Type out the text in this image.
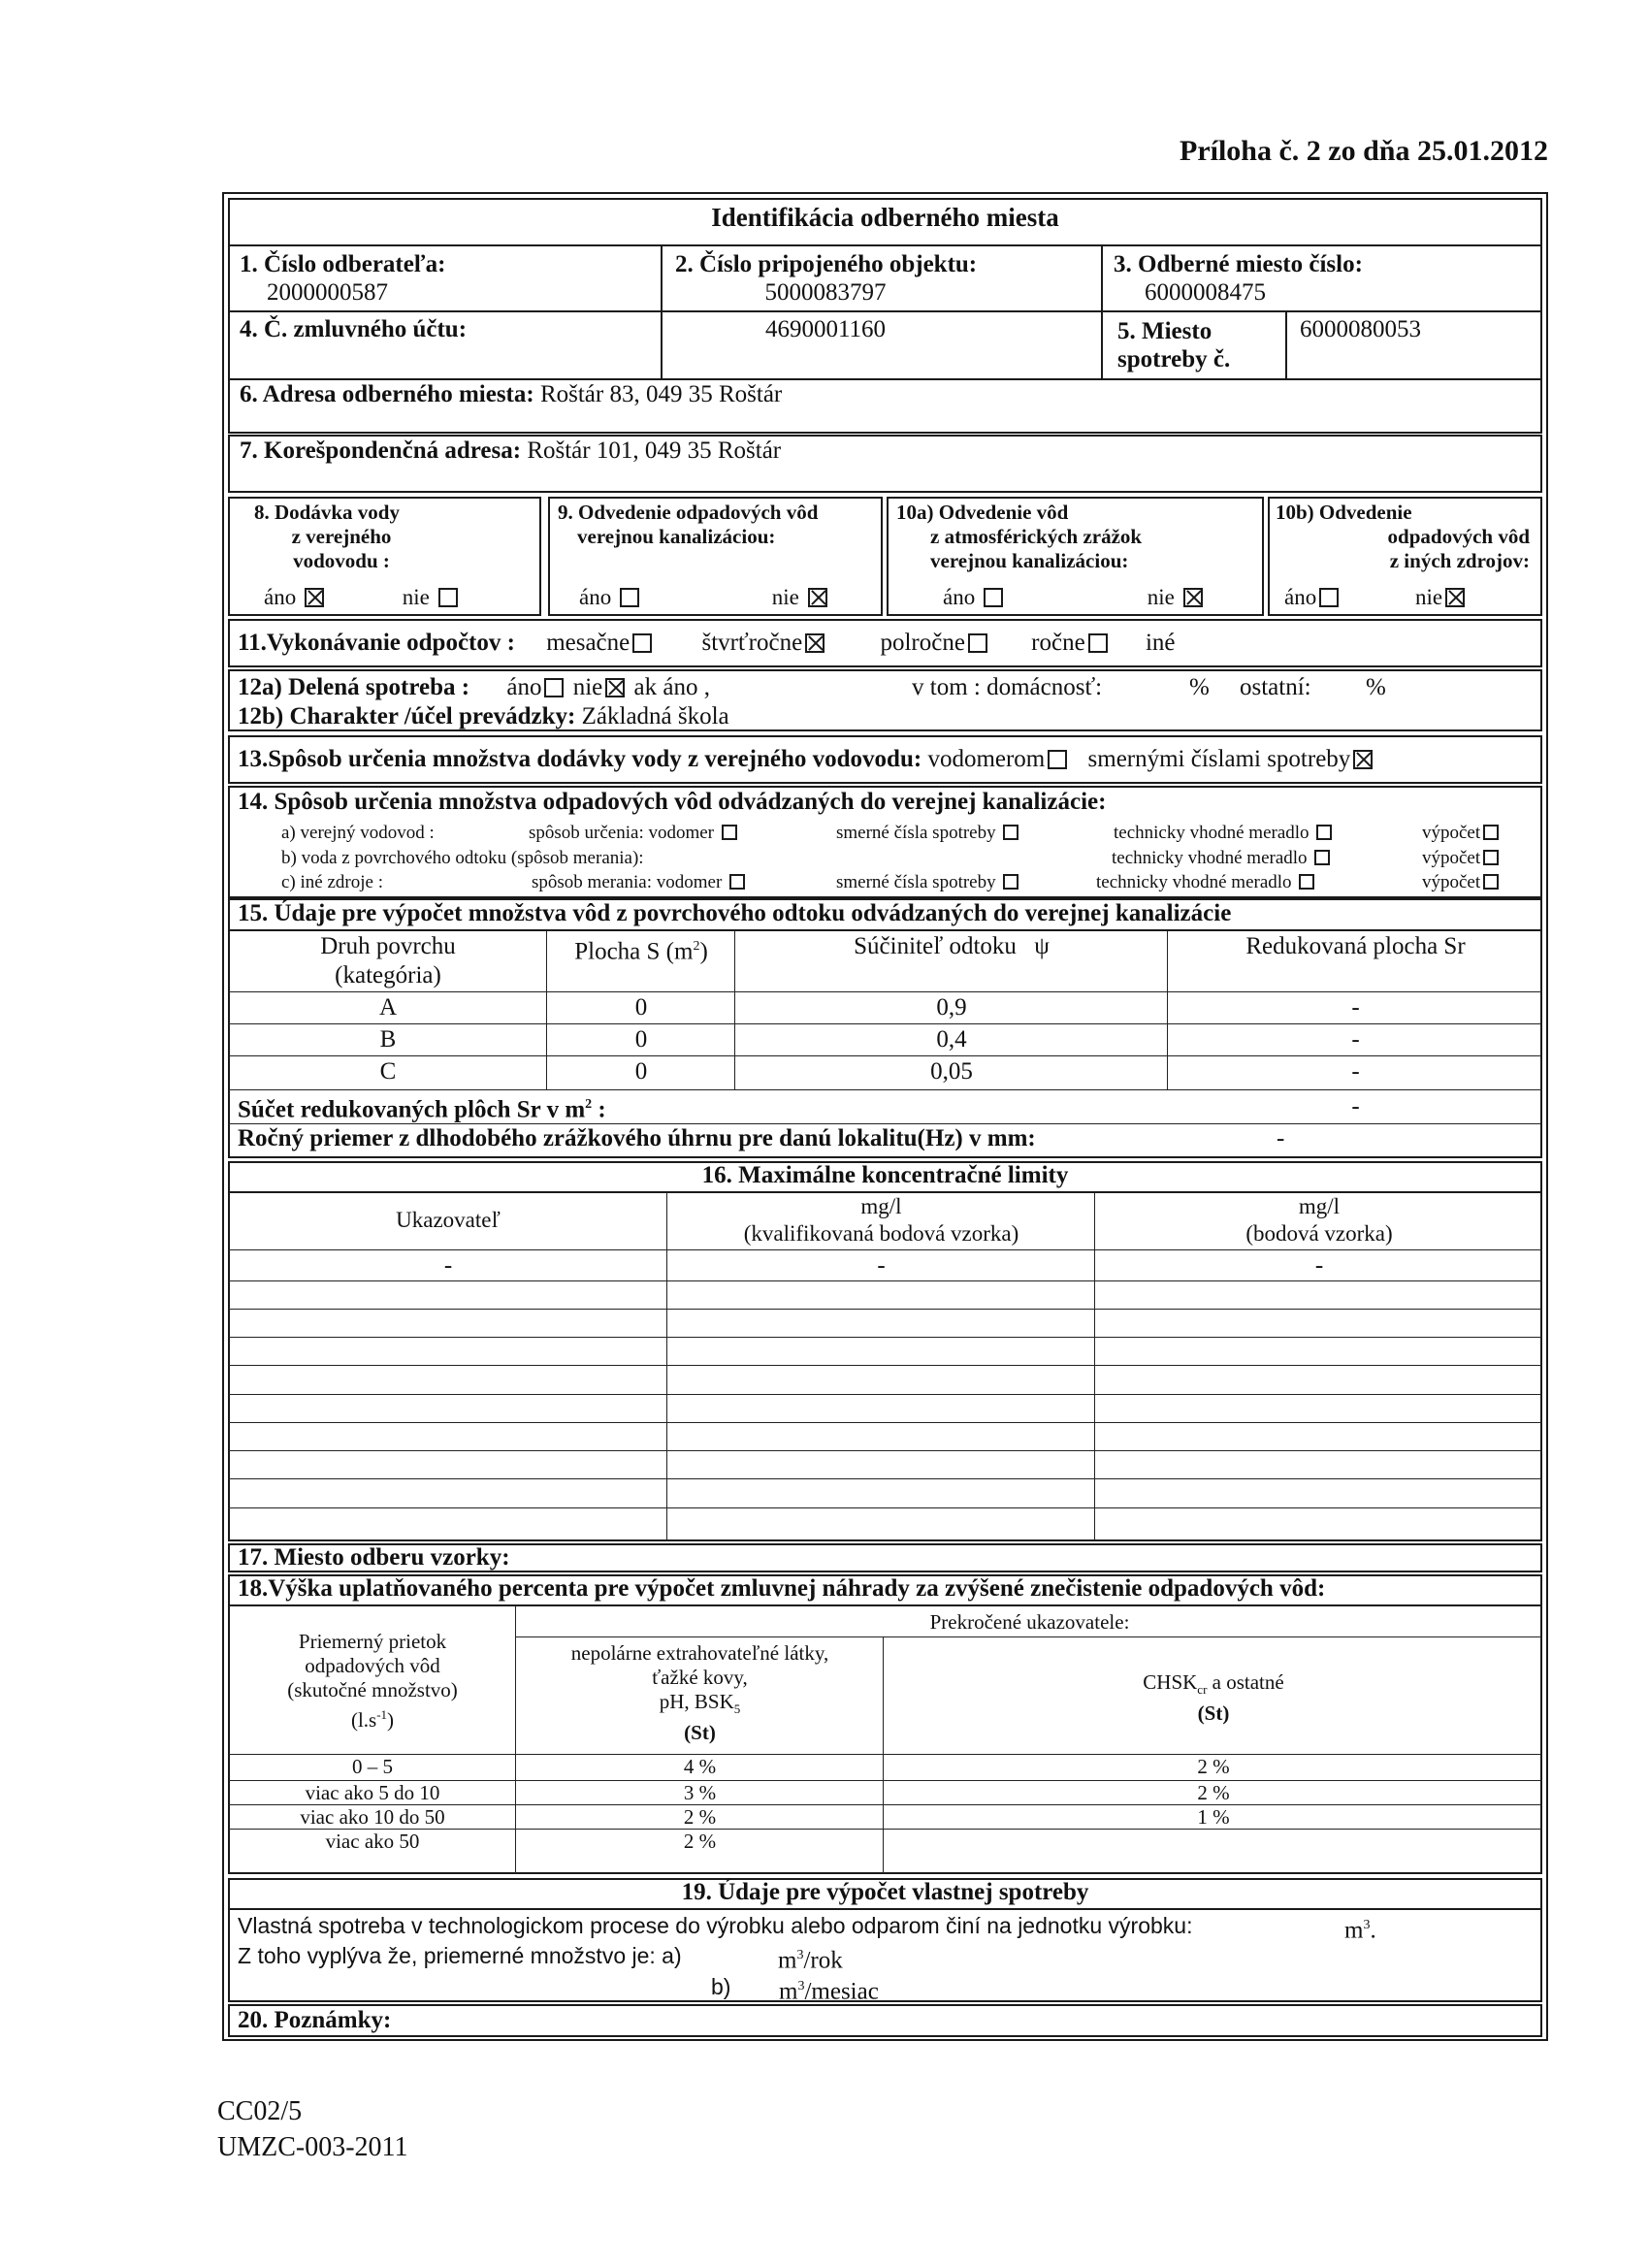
Príloha č. 2 zo dňa 25.01.2012
Identifikácia odberného miesta
1. Číslo odberateľa:
2000000587
2. Číslo pripojeného objektu:
5000083797
3. Odberné miesto číslo:
6000008475
4. Č. zmluvného účtu:	4690001160	5. Miesto
spotreby č.
6000080053
6. Adresa odberného miesta: Roštár 83, 049 35 Roštár
7. Korešpondenčná adresa: Roštár 101, 049 35 Roštár
8. Dodávka vody
z verejného vodovodu :
áno	nie
9. Odvedenie odpadových vôd
verejnou kanalizáciou:
áno	nie
10a) Odvedenie vôd
z atmosférických zrážok
verejnou kanalizáciou:
áno	nie
10b) Odvedenie
odpadových vôd
z iných zdrojov:
áno	nie
11.Vykonávanie odpočtov : mesačne	štvrťročne	polročne	ročne iné
12a) Delená spotreba : áno nie ak áno ,	v tom : domácnosť:	% ostatní: %
12b) Charakter /účel prevádzky: Základná škola
13.Spôsob určenia množstva dodávky vody z verejného vodovodu: vodomerom smernými číslami spotreby
14. Spôsob určenia množstva odpadových vôd odvádzaných do verejnej kanalizácie:
a) verejný vodovod :	spôsob určenia: vodomer	smerné čísla spotreby	technicky vhodné meradlo	výpočet
b) voda z povrchového odtoku (spôsob merania):	technicky vhodné meradlo	výpočet
c) iné zdroje :	spôsob merania: vodomer	smerné čísla spotreby	technicky vhodné meradlo	výpočet
15. Údaje pre výpočet množstva vôd z povrchového odtoku odvádzaných do verejnej kanalizácie
Druh povrchu
(kategória)
Plocha S $(m^2)$	Súčiniteľ odtoku ψ	Redukovaná plocha Sr
A	0	0,9	-
B	0	0,4	-
C	0	0,05	-
Súčet redukovaných plôch Sr v $m^2$ :	-
Ročný priemer z dlhodobého zrážkového úhrnu pre danú lokalitu(Hz) v mm:	-
16. Maximálne koncentračné limity
Ukazovateľ
mg/l
(kvalifikovaná bodová vzorka)
mg/l
(bodová vzorka)
-	-	-
17. Miesto odberu vzorky:
18.Výška uplatňovaného percenta pre výpočet zmluvnej náhrady za zvýšené znečistenie odpadových vôd:
Priemerný prietok
odpadových vôd
(skutočné množstvo)
$(l.s^{-1})$
Prekročené ukazovatele:
nepolárne extrahovateľné látky,
ťažké kovy,
pH, $BSK_5$
(St)
$CHSK_{cr}$ a ostatné
(St)
0 – 5	4 %	2 %
viac ako 5 do 10	3 %	2 %
viac ako 10 do 50	2 %	1 %
viac ako 50	2 %
19. Údaje pre výpočet vlastnej spotreby
Vlastná spotreba v technologickom procese do výrobku alebo odparom činí na jednotku výrobku:	$m^3$.
Z toho vyplýva že, priemerné množstvo je: a)	$m^3$/rok
b) $m^3$/mesiac
20. Poznámky:
CC02/5
UMZC-003-2011
